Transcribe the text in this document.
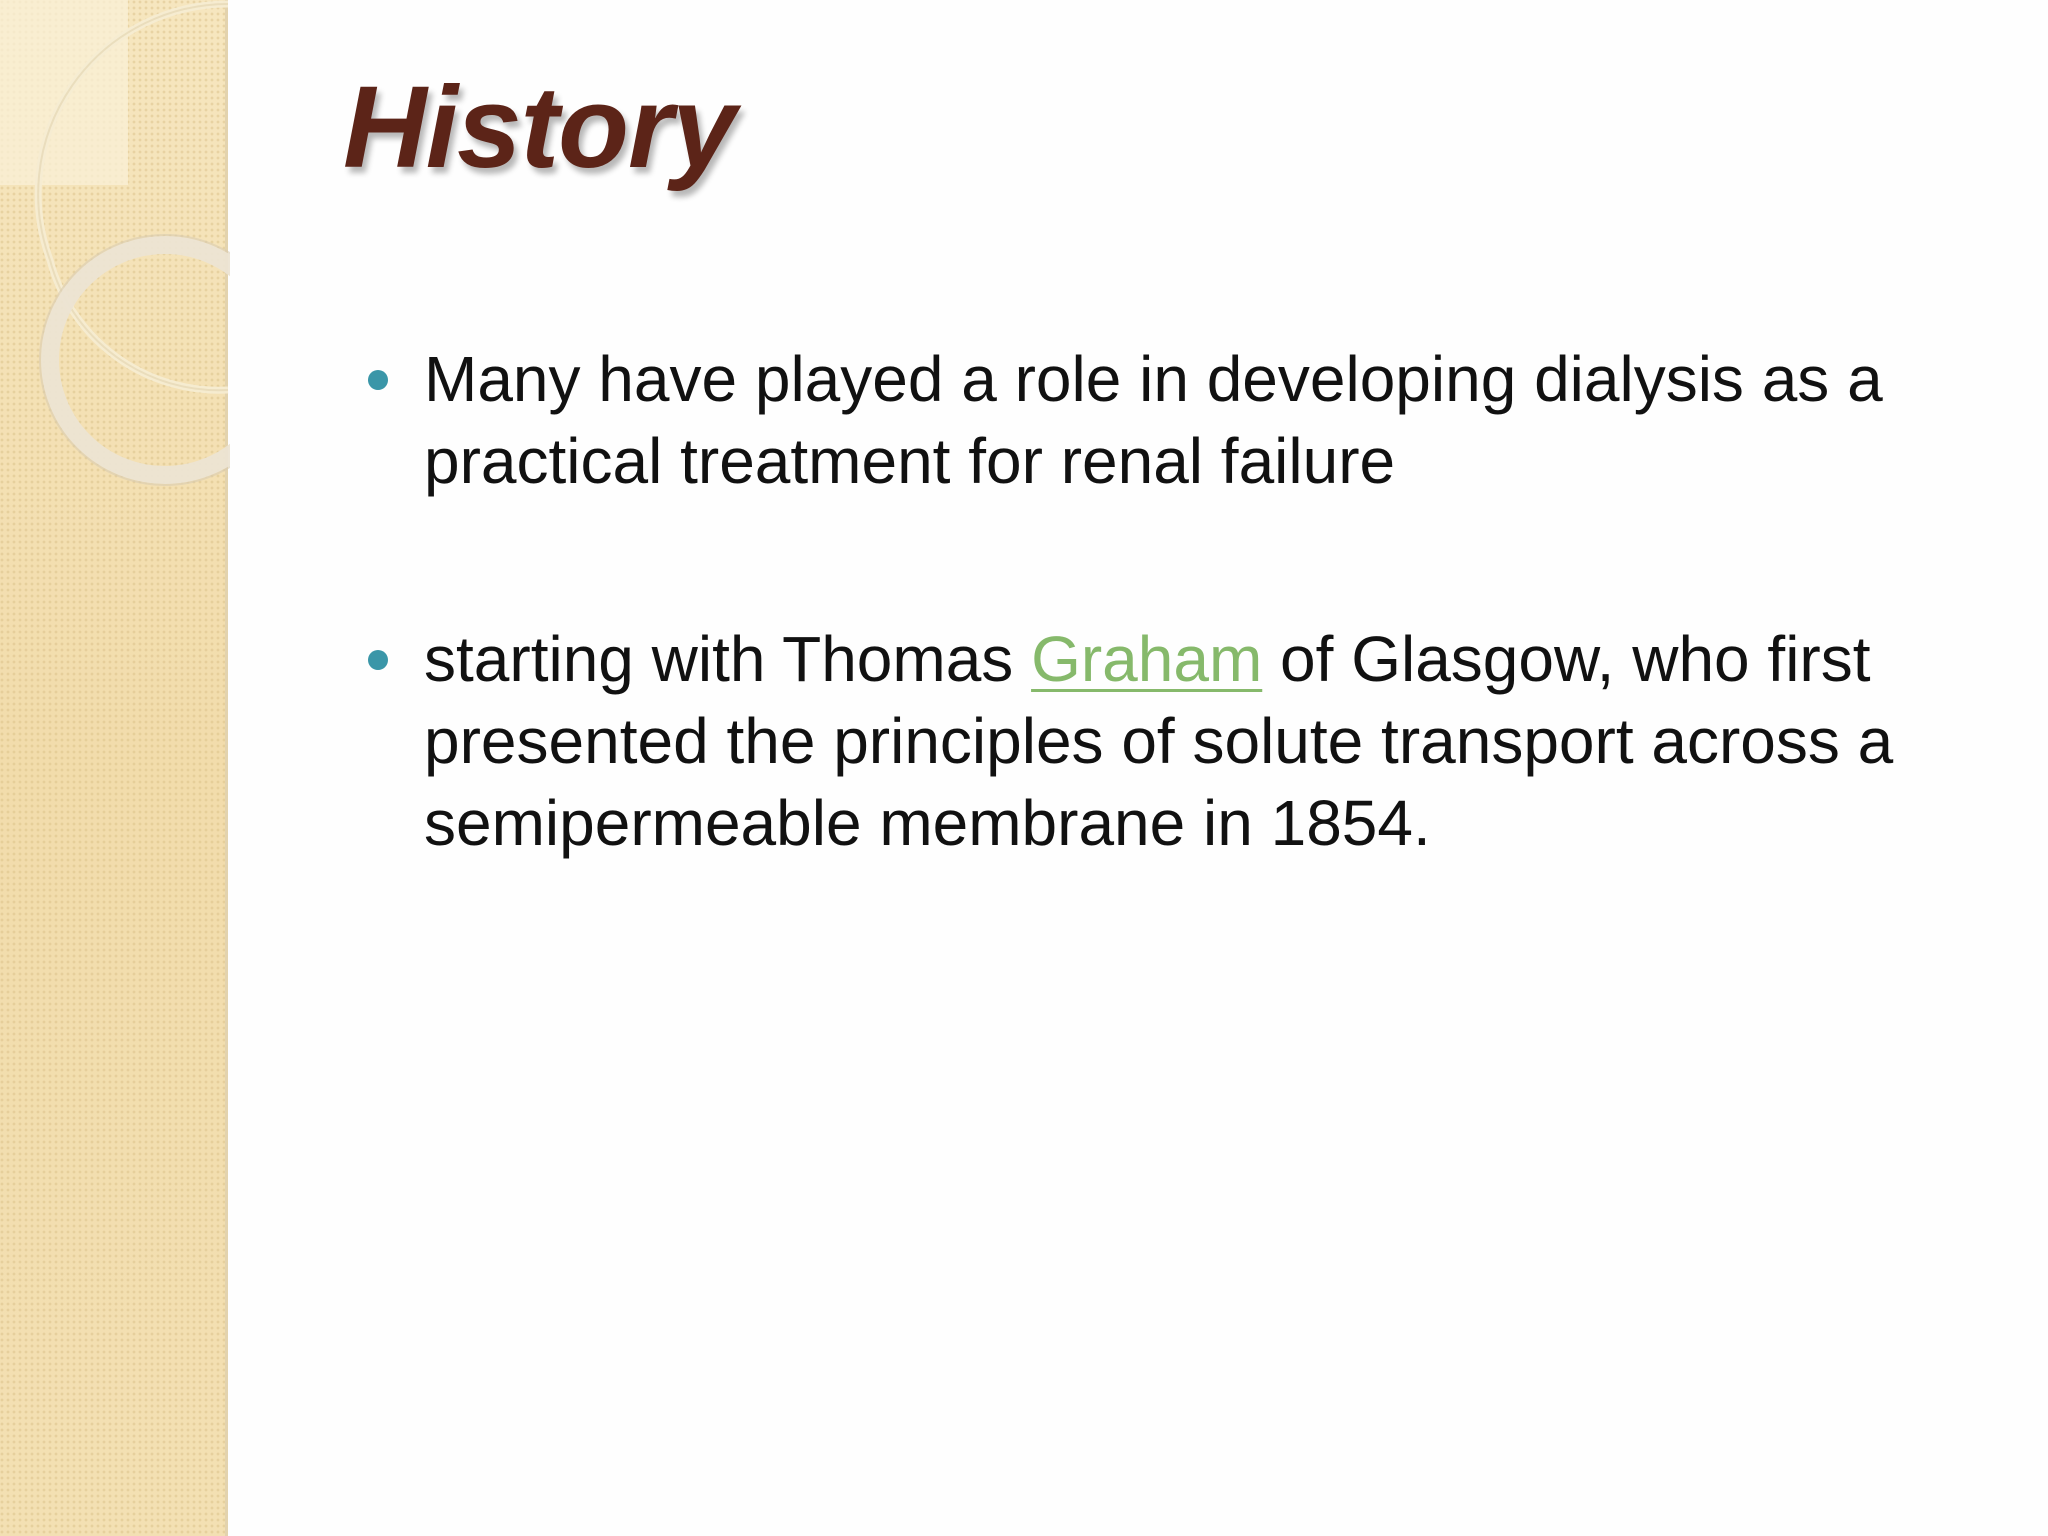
History
Many have played a role in developing dialysis as a practical treatment for renal failure
starting with Thomas Graham of Glasgow, who first presented the principles of solute transport across a semipermeable membrane in 1854.
